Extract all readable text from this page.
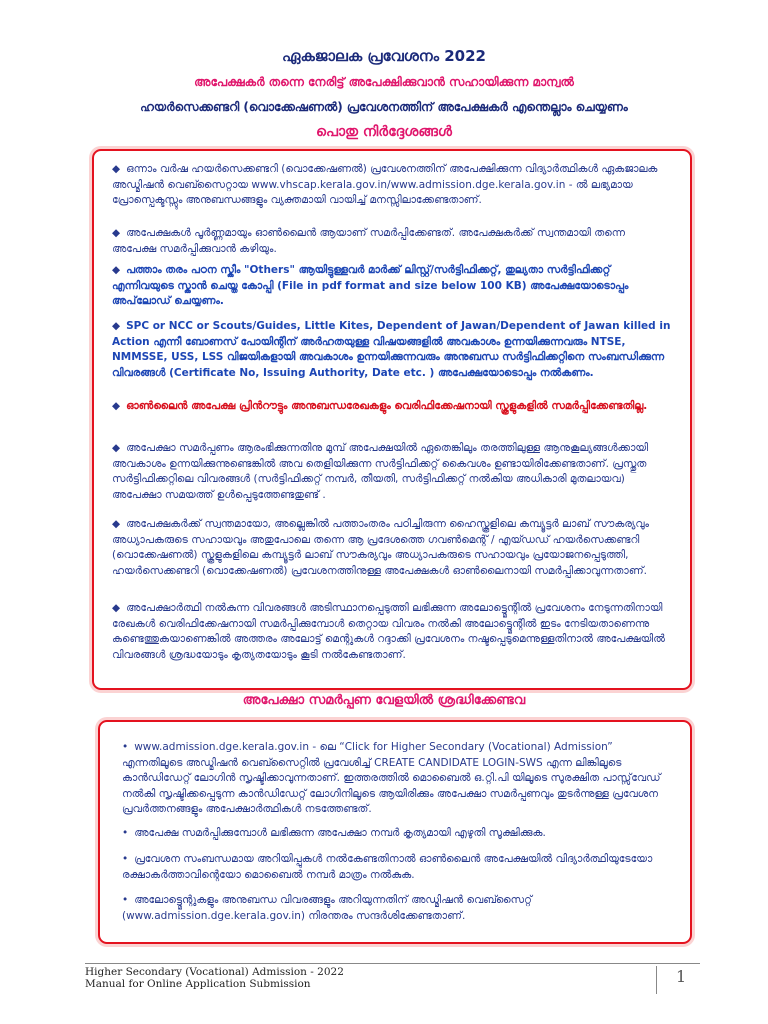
ഏകജാലക പ്രവേശനം 2022
അപേക്ഷകര്‍ തന്നെ നേരിട്ട് അപേക്ഷിക്കുവാന്‍ സഹായിക്കുന്ന മാന്വല്‍
ഹയര്‍സെക്കണ്ടറി (വൊക്കേഷണല്‍) പ്രവേശനത്തിന് അപേക്ഷകര്‍ എന്തെല്ലാം ചെയ്യണം
പൊതു നിര്‍ദ്ദേശങ്ങള്‍
◆ ഒന്നാം വര്‍ഷ ഹയര്‍സെക്കണ്ടറി (വൊക്കേഷണല്‍) പ്രവേശനത്തിന് അപേക്ഷിക്കുന്ന വിദ്യാര്‍ത്ഥികള്‍ ഏകജാലക അഡ്മിഷന്‍ വെബ്സൈറ്റായ www.vhscap.kerala.gov.in/www.admission.dge.kerala.gov.in - ല്‍ ലഭ്യമായ പ്രോസ്പെക്ടസ്സും അനുബന്ധങ്ങളും വ്യക്തമായി വായിച്ച് മനസ്സിലാക്കേണ്ടതാണ്.
◆ അപേക്ഷകള്‍ പൂര്‍ണ്ണമായും ഓണ്‍ലൈന്‍ ആയാണ് സമര്‍പ്പിക്കേണ്ടത്. അപേക്ഷകര്‍ക്ക് സ്വന്തമായി തന്നെ അപേക്ഷ സമര്‍പ്പിക്കുവാന്‍ കഴിയും.
◆ പത്താം തരം പഠന സ്കീം "Others" ആയിട്ടുള്ളവര്‍ മാര്‍ക്ക് ലിസ്റ്റ്/സര്‍ട്ടിഫിക്കറ്റ്, തുല്യതാ സര്‍ട്ടിഫിക്കറ്റ് എന്നിവയുടെ സ്കാന്‍ ചെയ്ത കോപ്പി (File in pdf format and size below 100 KB) അപേക്ഷയോടൊപ്പം അപ്‌ലോഡ് ചെയ്യണം.
◆ SPC or NCC or Scouts/Guides, Little Kites, Dependent of Jawan/Dependent of Jawan killed in Action എന്നീ ബോണസ് പോയിന്റിന് അര്‍ഹതയുള്ള വിഷയങ്ങളില്‍ അവകാശം ഉന്നയിക്കുന്നവരും NTSE, NMMSSE, USS, LSS വിജയികളായി അവകാശം ഉന്നയിക്കുന്നവരും അനുബന്ധ സര്‍ട്ടിഫിക്കറ്റിനെ സംബന്ധിക്കുന്ന വിവരങ്ങള്‍ (Certificate No, Issuing Authority, Date etc. ) അപേക്ഷയോടൊപ്പം നല്‍കണം.
◆ ഓണ്‍ലൈന്‍ അപേക്ഷ പ്രിന്‍റൗട്ടും അനുബന്ധരേഖകളും വെരിഫിക്കേഷനായി സ്കൂളുകളില്‍ സമര്‍പ്പിക്കേണ്ടതില്ല.
◆ അപേക്ഷാ സമര്‍പ്പണം ആരംഭിക്കുന്നതിനു മുമ്പ് അപേക്ഷയില്‍ ഏതെങ്കിലും തരത്തിലുള്ള ആനുകൂല്യങ്ങള്‍ക്കായി അവകാശം ഉന്നയിക്കുന്നുണ്ടെങ്കില്‍ അവ തെളിയിക്കുന്ന സര്‍ട്ടിഫിക്കറ്റ് കൈവശം ഉണ്ടായിരിക്കേണ്ടതാണ്. പ്രസ്തുത സര്‍ട്ടിഫിക്കറ്റിലെ വിവരങ്ങള്‍ (സര്‍ട്ടിഫിക്കറ്റ് നമ്പര്‍, തീയതി, സര്‍ട്ടിഫിക്കറ്റ് നല്‍കിയ അധികാരി മുതലായവ) അപേക്ഷാ സമയത്ത് ഉള്‍പ്പെടുത്തേണ്ടതുണ്ട് .
◆ അപേക്ഷകര്‍ക്ക് സ്വന്തമായോ, അല്ലെങ്കില്‍ പത്താംതരം പഠിച്ചിരുന്ന ഹൈസ്കൂളിലെ കമ്പ്യൂട്ടര്‍ ലാബ് സൗകര്യവും അധ്യാപകരുടെ സഹായവും അതുപോലെ തന്നെ ആ പ്രദേശത്തെ ഗവണ്‍മെന്റ് / എയ്ഡഡ് ഹയര്‍സെക്കണ്ടറി (വൊക്കേഷണല്‍) സ്കൂളുകളിലെ കമ്പ്യൂട്ടര്‍ ലാബ് സൗകര്യവും അധ്യാപകരുടെ സഹായവും പ്രയോജനപ്പെടുത്തി, ഹയര്‍സെക്കണ്ടറി (വൊക്കേഷണല്‍) പ്രവേശനത്തിനുള്ള അപേക്ഷകള്‍ ഓണ്‍ലൈനായി സമര്‍പ്പിക്കാവുന്നതാണ്.
◆ അപേക്ഷാര്‍ത്ഥി നല്‍കുന്ന വിവരങ്ങള്‍ അടിസ്ഥാനപ്പെടുത്തി ലഭിക്കുന്ന അലോട്ട്മെന്റില്‍ പ്രവേശനം നേടുന്നതിനായി രേഖകള്‍ വെരിഫിക്കേഷനായി സമര്‍പ്പിക്കുമ്പോള്‍ തെറ്റായ വിവരം നല്‍കി അലോട്ട്മെന്റില്‍ ഇടം നേടിയതാണെന്നു കണ്ടെത്തുകയാണെങ്കില്‍ അത്തരം അലോട്ട് മെന്റുകള്‍ റദ്ദാക്കി പ്രവേശനം നഷ്ടപ്പെടുമെന്നുള്ളതിനാല്‍ അപേക്ഷയില്‍ വിവരങ്ങള്‍ ശ്രദ്ധയോടും കൃത്യതയോടും കൂടി നല്‍കേണ്ടതാണ്.
അപേക്ഷാ സമര്‍പ്പണ വേളയില്‍ ശ്രദ്ധിക്കേണ്ടവ
• www.admission.dge.kerala.gov.in - ലെ “Click for Higher Secondary (Vocational) Admission” എന്നതിലൂടെ അഡ്മിഷന്‍ വെബ്സൈറ്റില്‍ പ്രവേശിച്ച് CREATE CANDIDATE LOGIN-SWS എന്ന ലിങ്കിലൂടെ കാന്‍ഡിഡേറ്റ് ലോഗിന്‍ സൃഷ്ടിക്കാവുന്നതാണ്. ഇത്തരത്തില്‍ മൊബൈല്‍ ഒ.റ്റി.പി യിലൂടെ സുരക്ഷിത പാസ്സ്‌വേഡ് നല്‍കി സൃഷ്ടിക്കപ്പെടുന്ന കാന്‍ഡിഡേറ്റ് ലോഗിനിലൂടെ ആയിരിക്കും അപേക്ഷാ സമര്‍പ്പണവും തുടര്‍ന്നുള്ള പ്രവേശന പ്രവര്‍ത്തനങ്ങളും അപേക്ഷാര്‍ത്ഥികള്‍ നടത്തേണ്ടത്.
• അപേക്ഷ സമര്‍പ്പിക്കുമ്പോള്‍ ലഭിക്കുന്ന അപേക്ഷാ നമ്പര്‍ കൃത്യമായി എഴുതി സൂക്ഷിക്കുക.
• പ്രവേശന സംബന്ധമായ അറിയിപ്പുകള്‍ നല്‍കേണ്ടതിനാല്‍ ഓണ്‍ലൈന്‍ അപേക്ഷയില്‍ വിദ്യാര്‍ത്ഥിയുടേയോ രക്ഷാകര്‍ത്താവിന്റെയോ മൊബൈല്‍ നമ്പര്‍ മാത്രം നല്‍കുക.
• അലോട്ട്മെന്റുകളും അനുബന്ധ വിവരങ്ങളും അറിയുന്നതിന് അഡ്മിഷന്‍ വെബ്സൈറ്റ് (www.admission.dge.kerala.gov.in) നിരന്തരം സന്ദര്‍ശിക്കേണ്ടതാണ്.
Higher Secondary (Vocational) Admission - 2022
Manual for Online Application Submission	1
